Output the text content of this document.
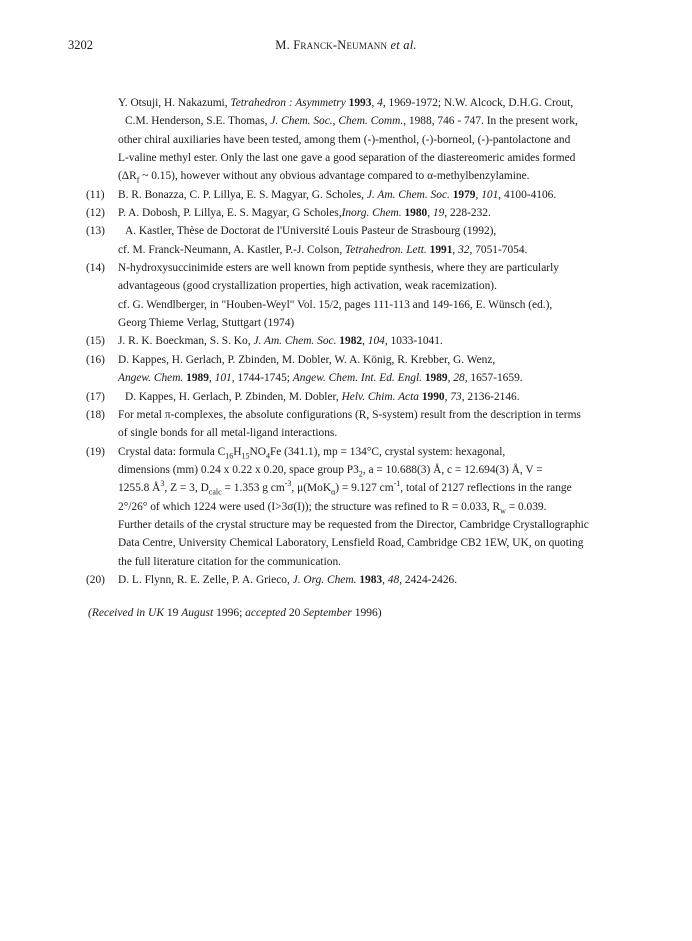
3202	M. Franck-Neumann et al.
Y. Otsuji, H. Nakazumi, Tetrahedron : Asymmetry 1993, 4, 1969-1972; N.W. Alcock, D.H.G. Crout,
C.M. Henderson, S.E. Thomas, J. Chem. Soc., Chem. Comm., 1988, 746 - 747. In the present work,
other chiral auxiliaries have been tested, among them (-)-menthol, (-)-borneol, (-)-pantolactone and
L-valine methyl ester. Only the last one gave a good separation of the diastereomeric amides formed
($\Delta R_f$ ~ 0.15), however without any obvious advantage compared to α-methylbenzylamine.
(11) B. R. Bonazza, C. P. Lillya, E. S. Magyar, G. Scholes, J. Am. Chem. Soc. 1979, 101, 4100-4106.
(12) P. A. Dobosh, P. Lillya, E. S. Magyar, G Scholes,Inorg. Chem. 1980, 19, 228-232.
(13)	A. Kastler, Thèse de Doctorat de l'Université Louis Pasteur de Strasbourg (1992),
cf. M. Franck-Neumann, A. Kastler, P.-J. Colson, Tetrahedron. Lett. 1991, 32, 7051-7054.
(14) N-hydroxysuccinimide esters are well known from peptide synthesis, where they are particularly
advantageous (good crystallization properties, high activation, weak racemization).
cf. G. Wendlberger, in "Houben-Weyl" Vol. 15/2, pages 111-113 and 149-166, E. Wünsch (ed.),
Georg Thieme Verlag, Stuttgart (1974)
(15) J. R. K. Boeckman, S. S. Ko, J. Am. Chem. Soc. 1982, 104, 1033-1041.
(16) D. Kappes, H. Gerlach, P. Zbinden, M. Dobler, W. A. König, R. Krebber, G. Wenz,
Angew. Chem. 1989, 101, 1744-1745; Angew. Chem. Int. Ed. Engl. 1989, 28, 1657-1659.
(17)	D. Kappes, H. Gerlach, P. Zbinden, M. Dobler, Helv. Chim. Acta 1990, 73, 2136-2146.
(18) For metal π-complexes, the absolute configurations (R, S-system) result from the description in terms
of single bonds for all metal-ligand interactions.
(19) Crystal data: formula $C_{16}H_{15}NO_4Fe$ (341.1), mp = 134°C, crystal system: hexagonal,
dimensions (mm) 0.24 x 0.22 x 0.20, space group $P3_2$, a = 10.688(3) Å, c = 12.694(3) Å, V =
1255.8 $Å^3$, Z = 3, $D_{calc} = 1.353$ g $cm^{-3}$, μ(MoK$_\alpha$) = 9.127 $cm^{-1}$, total of 2127 reflections in the range
2°/26° of which 1224 were used (I>3σ(I)); the structure was refined to R = 0.033, $R_w = 0.039$.
Further details of the crystal structure may be requested from the Director, Cambridge Crystallographic
Data Centre, University Chemical Laboratory, Lensfield Road, Cambridge CB2 1EW, UK, on quoting
the full literature citation for the communication.
(20) D. L. Flynn, R. E. Zelle, P. A. Grieco, J. Org. Chem. 1983, 48, 2424-2426.
(Received in UK 19 August 1996; accepted 20 September 1996)
